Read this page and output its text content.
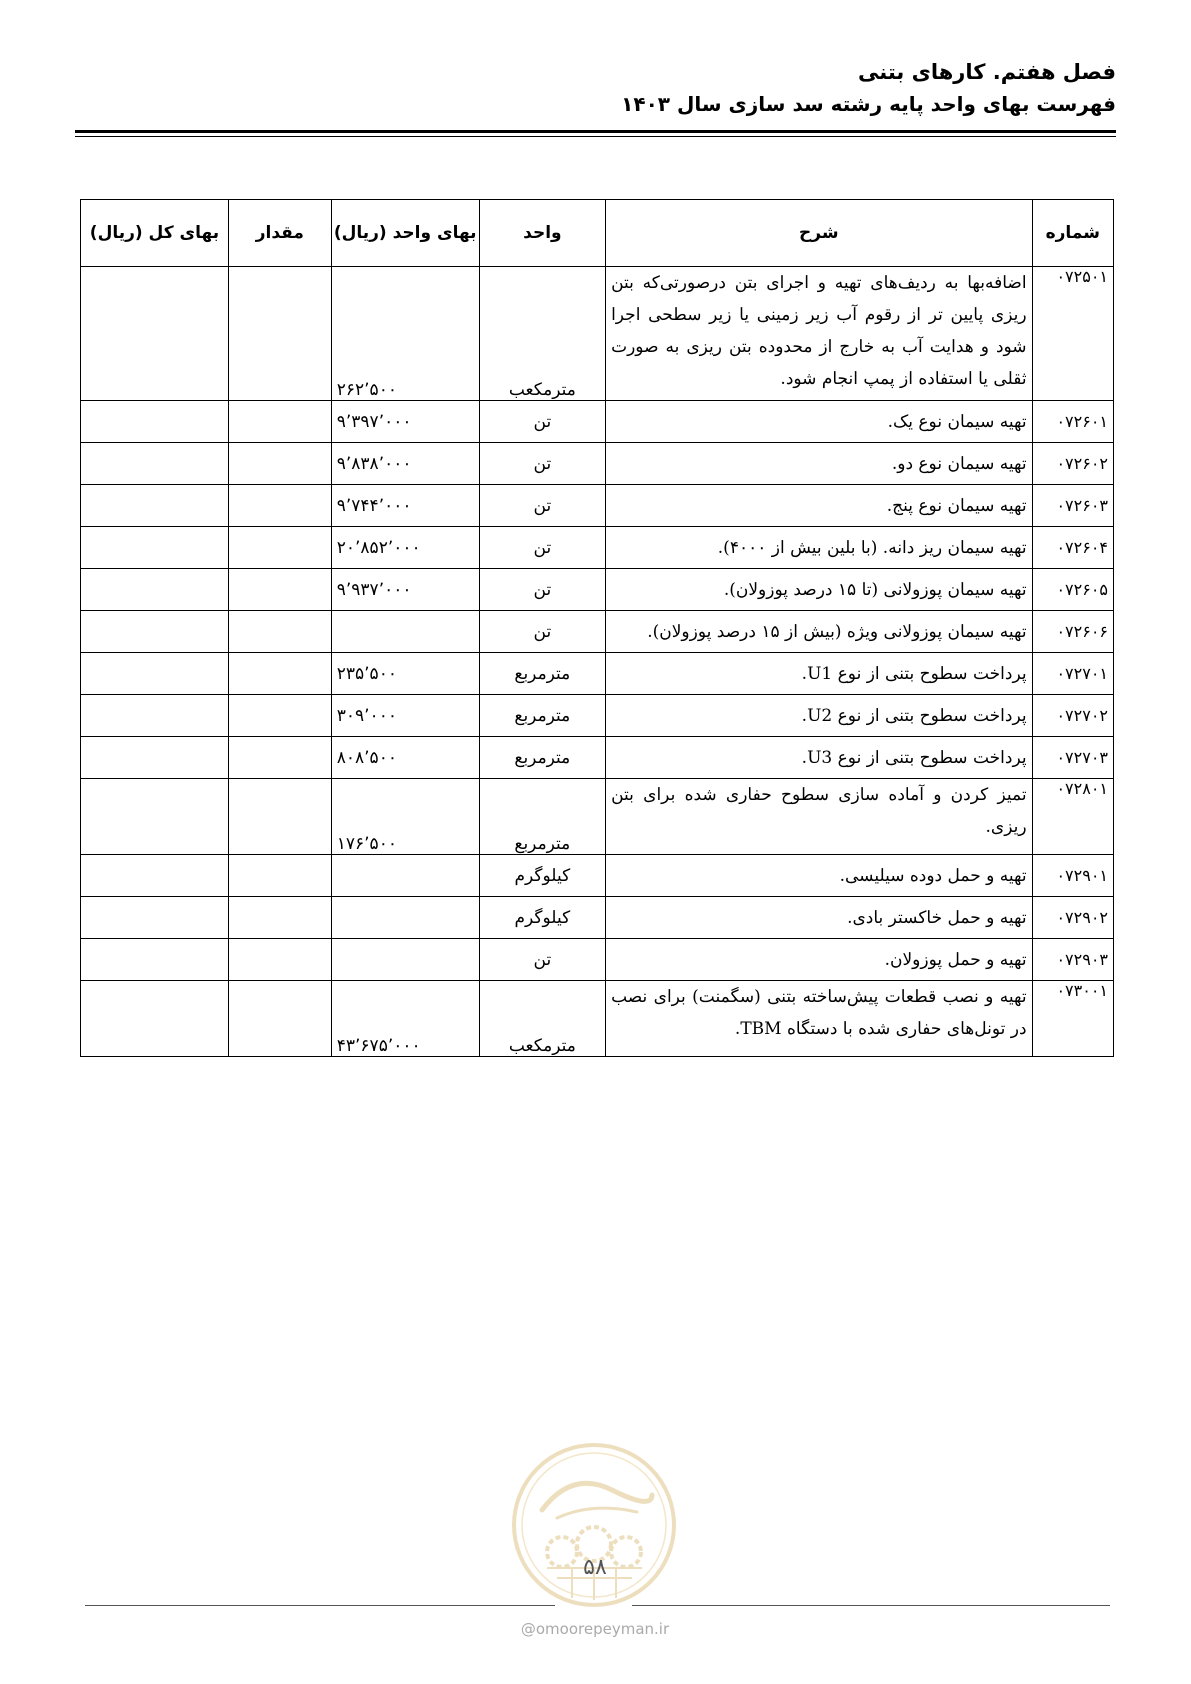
فصل هفتم. کارهای بتنی
فهرست بهای واحد پایه رشته سد سازی سال ۱۴۰۳
شماره	شرح	واحد	بهای واحد (ریال)	مقدار	بهای کل (ریال)
۰۷۲۵۰۱	اضافه‌بها به ردیف‌های تهیه و اجرای بتن درصورتی‌که بتن ریزی پایین تر از رقوم آب زیر زمینی یا زیر سطحی اجرا شود و هدایت آب به خارج از محدوده بتن ریزی به صورت ثقلی یا استفاده از پمپ انجام شود.	مترمکعب	۲۶۲٬۵۰۰		
۰۷۲۶۰۱	تهیه سیمان نوع یک.	تن	۹٬۳۹۷٬۰۰۰		
۰۷۲۶۰۲	تهیه سیمان نوع دو.	تن	۹٬۸۳۸٬۰۰۰		
۰۷۲۶۰۳	تهیه سیمان نوع پنج.	تن	۹٬۷۴۴٬۰۰۰		
۰۷۲۶۰۴	تهیه سیمان ریز دانه. (با بلین بیش از ۴۰۰۰).	تن	۲۰٬۸۵۲٬۰۰۰		
۰۷۲۶۰۵	تهیه سیمان پوزولانی (تا ۱۵ درصد پوزولان).	تن	۹٬۹۳۷٬۰۰۰		
۰۷۲۶۰۶	تهیه سیمان پوزولانی ویژه (بیش از ۱۵ درصد پوزولان).	تن			
۰۷۲۷۰۱	پرداخت سطوح بتنی از نوع U1.	مترمربع	۲۳۵٬۵۰۰		
۰۷۲۷۰۲	پرداخت سطوح بتنی از نوع U2.	مترمربع	۳۰۹٬۰۰۰		
۰۷۲۷۰۳	پرداخت سطوح بتنی از نوع U3.	مترمربع	۸۰۸٬۵۰۰		
۰۷۲۸۰۱	تمیز کردن و آماده سازی سطوح حفاری شده برای بتن ریزی.	مترمربع	۱۷۶٬۵۰۰		
۰۷۲۹۰۱	تهیه و حمل دوده سیلیسی.	کیلوگرم			
۰۷۲۹۰۲	تهیه و حمل خاکستر بادی.	کیلوگرم			
۰۷۲۹۰۳	تهیه و حمل پوزولان.	تن			
۰۷۳۰۰۱	تهیه و نصب قطعات پیش‌ساخته بتنی (سگمنت) برای نصب در تونل‌های حفاری شده با دستگاه TBM.	مترمکعب	۴۳٬۶۷۵٬۰۰۰		
۵۸
@omoorepeyman.ir
